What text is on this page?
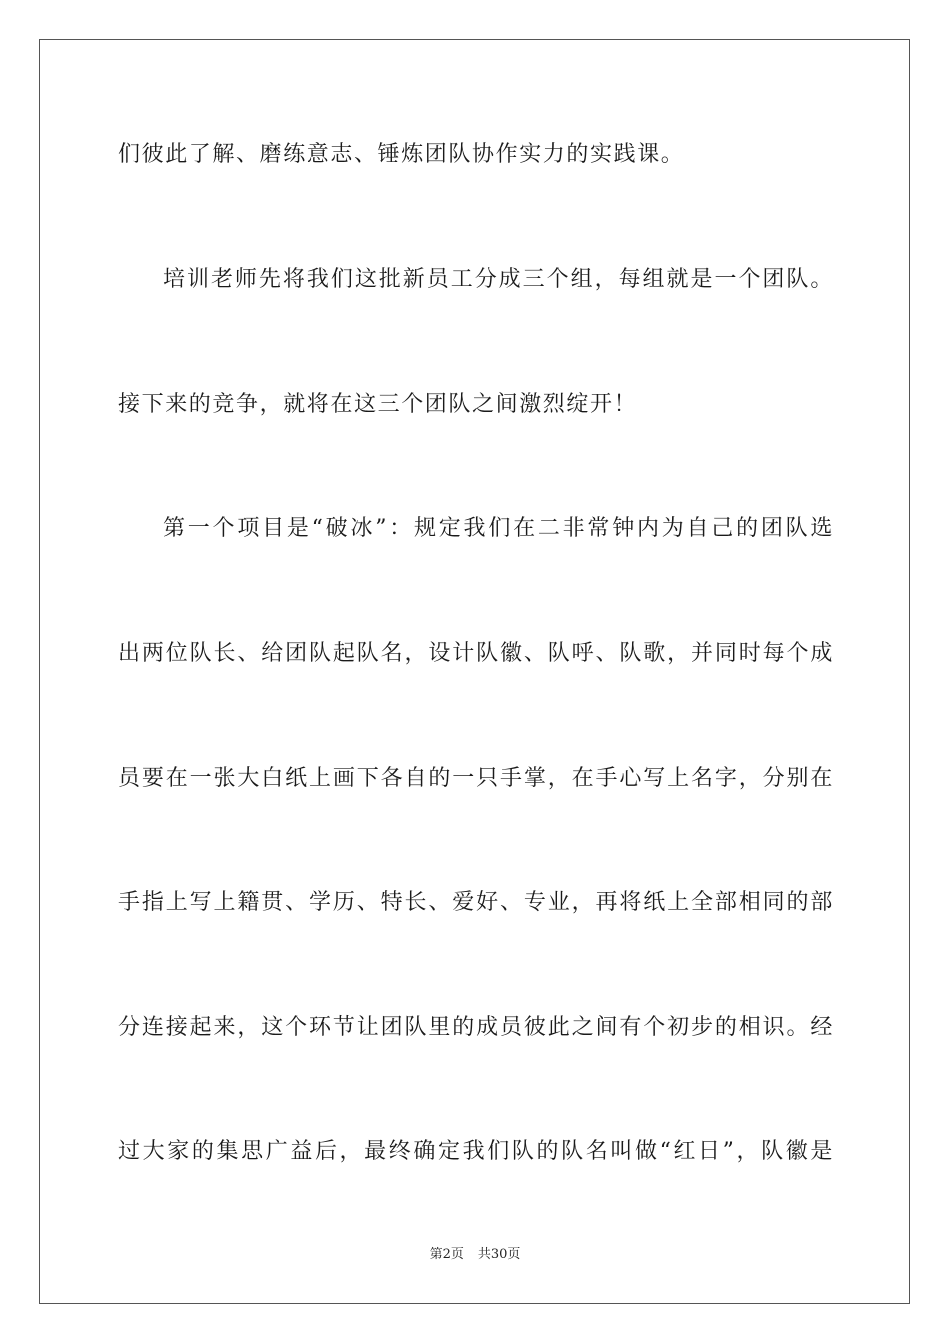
们彼此了解、磨练意志、锤炼团队协作实力的实践课。
培训老师先将我们这批新员工分成三个组，每组就是一个团队。
接下来的竞争，就将在这三个团队之间激烈绽开！
第一个项目是“破冰”：规定我们在二非常钟内为自己的团队选
出两位队长、给团队起队名，设计队徽、队呼、队歌，并同时每个成
员要在一张大白纸上画下各自的一只手掌，在手心写上名字，分别在
手指上写上籍贯、学历、特长、爱好、专业，再将纸上全部相同的部
分连接起来，这个环节让团队里的成员彼此之间有个初步的相识。经
过大家的集思广益后，最终确定我们队的队名叫做“红日”，队徽是
第2页 共30页
